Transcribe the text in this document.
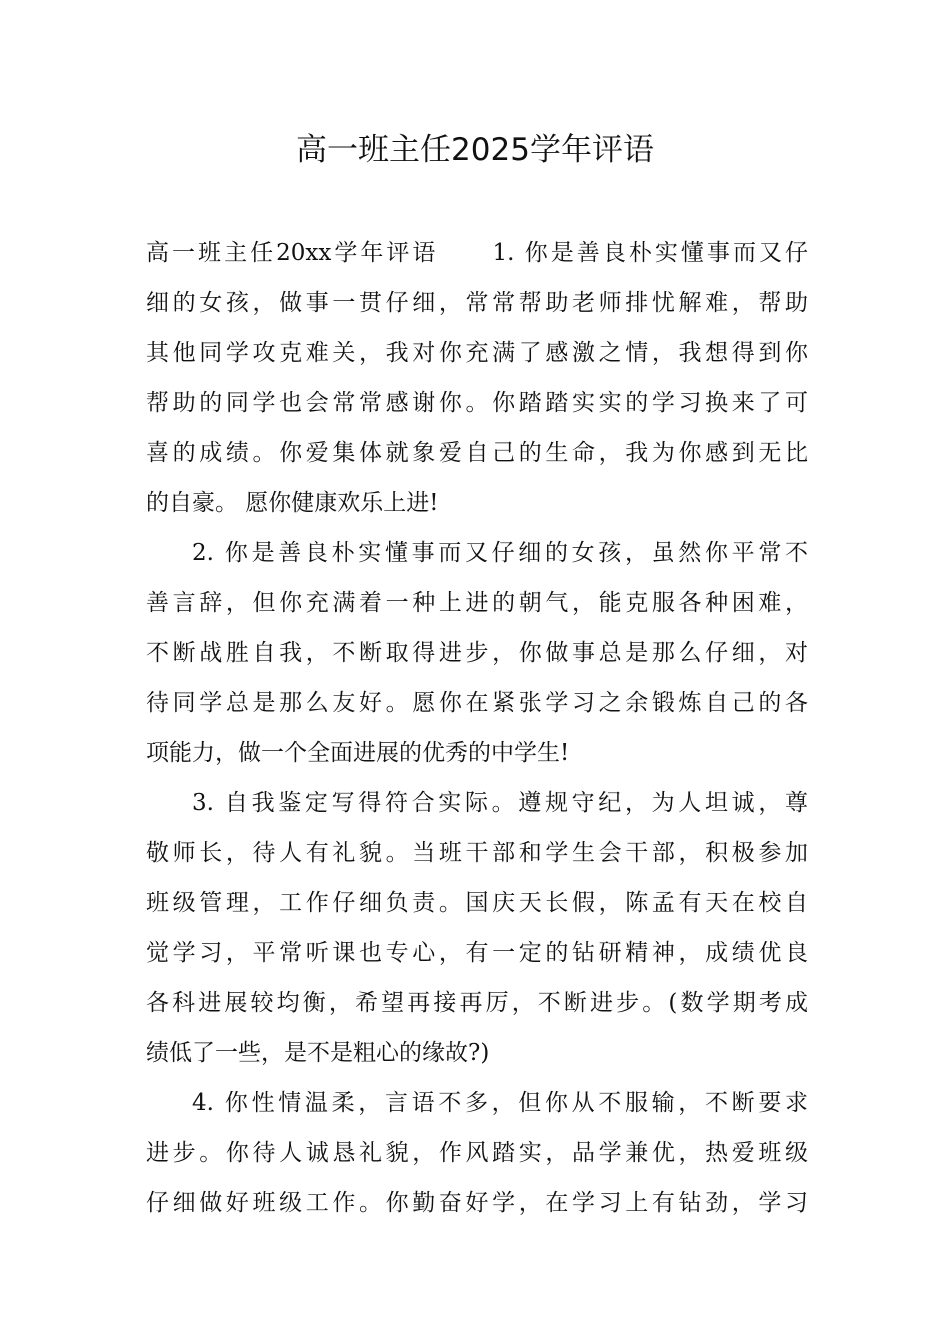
高一班主任2025学年评语
高一班主任20xx学年评语 1. 你是善良朴实懂事而又仔
细的女孩，做事一贯仔细，常常帮助老师排忧解难，帮助
其他同学攻克难关，我对你充满了感激之情，我想得到你
帮助的同学也会常常感谢你。你踏踏实实的学习换来了可
喜的成绩。你爱集体就象爱自己的生命，我为你感到无比
的自豪。 愿你健康欢乐上进!
2. 你是善良朴实懂事而又仔细的女孩，虽然你平常不
善言辞，但你充满着一种上进的朝气，能克服各种困难，
不断战胜自我，不断取得进步，你做事总是那么仔细，对
待同学总是那么友好。愿你在紧张学习之余锻炼自己的各
项能力，做一个全面进展的优秀的中学生!
3. 自我鉴定写得符合实际。遵规守纪，为人坦诚，尊
敬师长，待人有礼貌。当班干部和学生会干部，积极参加
班级管理，工作仔细负责。国庆天长假，陈孟有天在校自
觉学习，平常听课也专心，有一定的钻研精神，成绩优良
各科进展较均衡，希望再接再厉，不断进步。(数学期考成
绩低了一些，是不是粗心的缘故?)
4. 你性情温柔，言语不多，但你从不服输，不断要求
进步。你待人诚恳礼貌，作风踏实，品学兼优，热爱班级
仔细做好班级工作。你勤奋好学，在学习上有钻劲，学习
